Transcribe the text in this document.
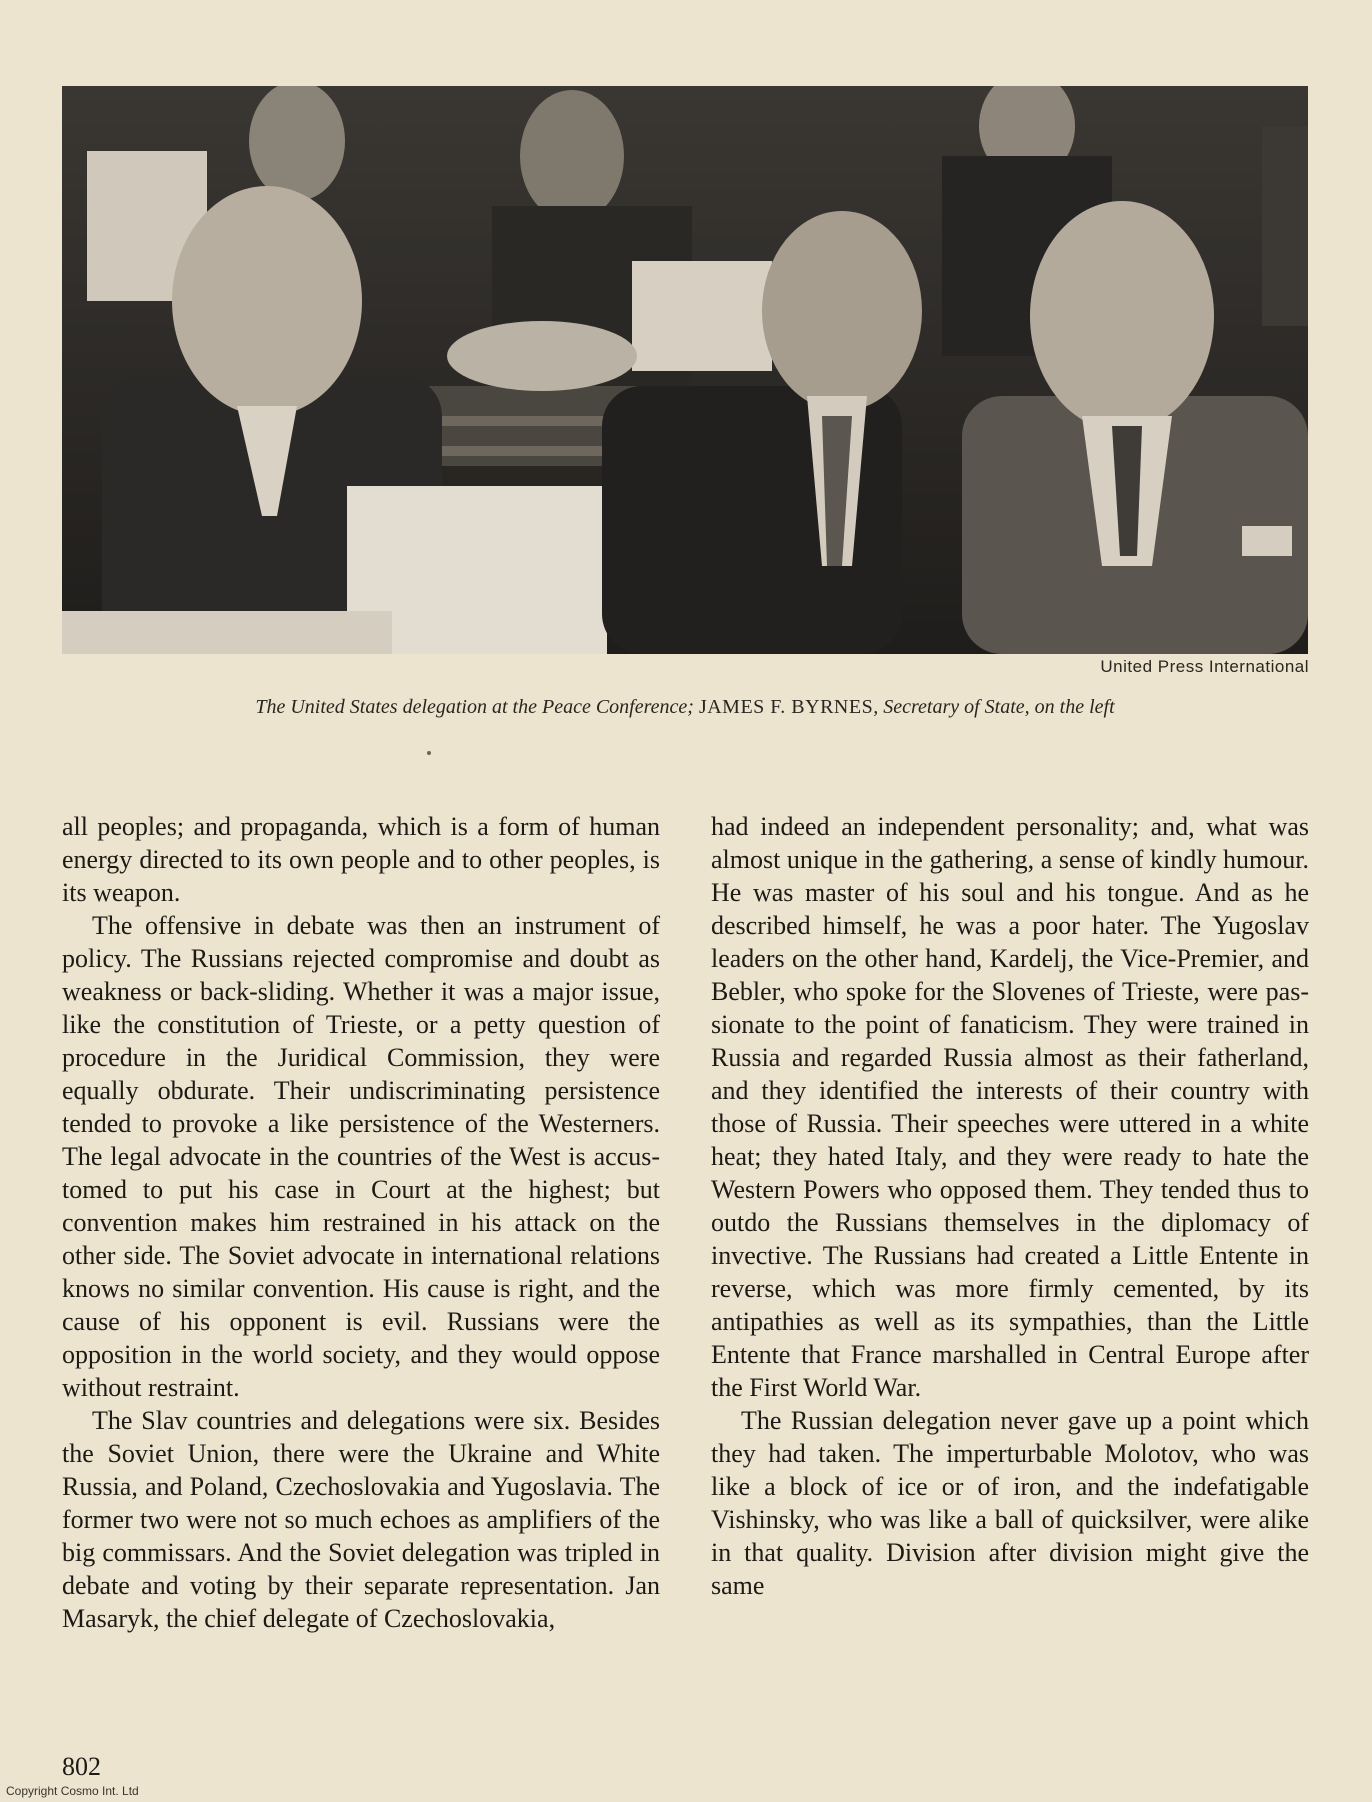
United Press International
The United States delegation at the Peace Conference; JAMES F. BYRNES, Secretary of State, on the left

all peoples; and propaganda, which is a form of human energy directed to its own people and to other peoples, is its weapon.

The offensive in debate was then an instrument of policy. The Russians rejected compromise and doubt as weakness or back-sliding. Whether it was a major issue, like the constitution of Trieste, or a petty question of procedure in the Juridical Commission, they were equally obdurate. Their undiscriminating persistence tended to provoke a like persistence of the Westerners. The legal advocate in the countries of the West is accustomed to put his case in Court at the highest; but convention makes him restrained in his attack on the other side. The Soviet advocate in international relations knows no similar convention. His cause is right, and the cause of his opponent is evil. Russians were the opposition in the world society, and they would oppose without restraint.

The Slav countries and delegations were six. Besides the Soviet Union, there were the Ukraine and White Russia, and Poland, Czechoslovakia and Yugoslavia. The former two were not so much echoes as amplifiers of the big commissars. And the Soviet delegation was tripled in debate and voting by their separate representation. Jan Masaryk, the chief delegate of Czechoslovakia,

had indeed an independent personality; and, what was almost unique in the gathering, a sense of kindly humour. He was master of his soul and his tongue. And as he described himself, he was a poor hater. The Yugoslav leaders on the other hand, Kardelj, the Vice-Premier, and Bebler, who spoke for the Slovenes of Trieste, were passionate to the point of fanaticism. They were trained in Russia and regarded Russia almost as their fatherland, and they identified the interests of their country with those of Russia. Their speeches were uttered in a white heat; they hated Italy, and they were ready to hate the Western Powers who opposed them. They tended thus to outdo the Russians themselves in the diplomacy of invective. The Russians had created a Little Entente in reverse, which was more firmly cemented, by its antipathies as well as its sympathies, than the Little Entente that France marshalled in Central Europe after the First World War.

The Russian delegation never gave up a point which they had taken. The imperturbable Molotov, who was like a block of ice or of iron, and the indefatigable Vishinsky, who was like a ball of quicksilver, were alike in that quality. Division after division might give the same

802
Copyright Cosmo Int. Ltd
